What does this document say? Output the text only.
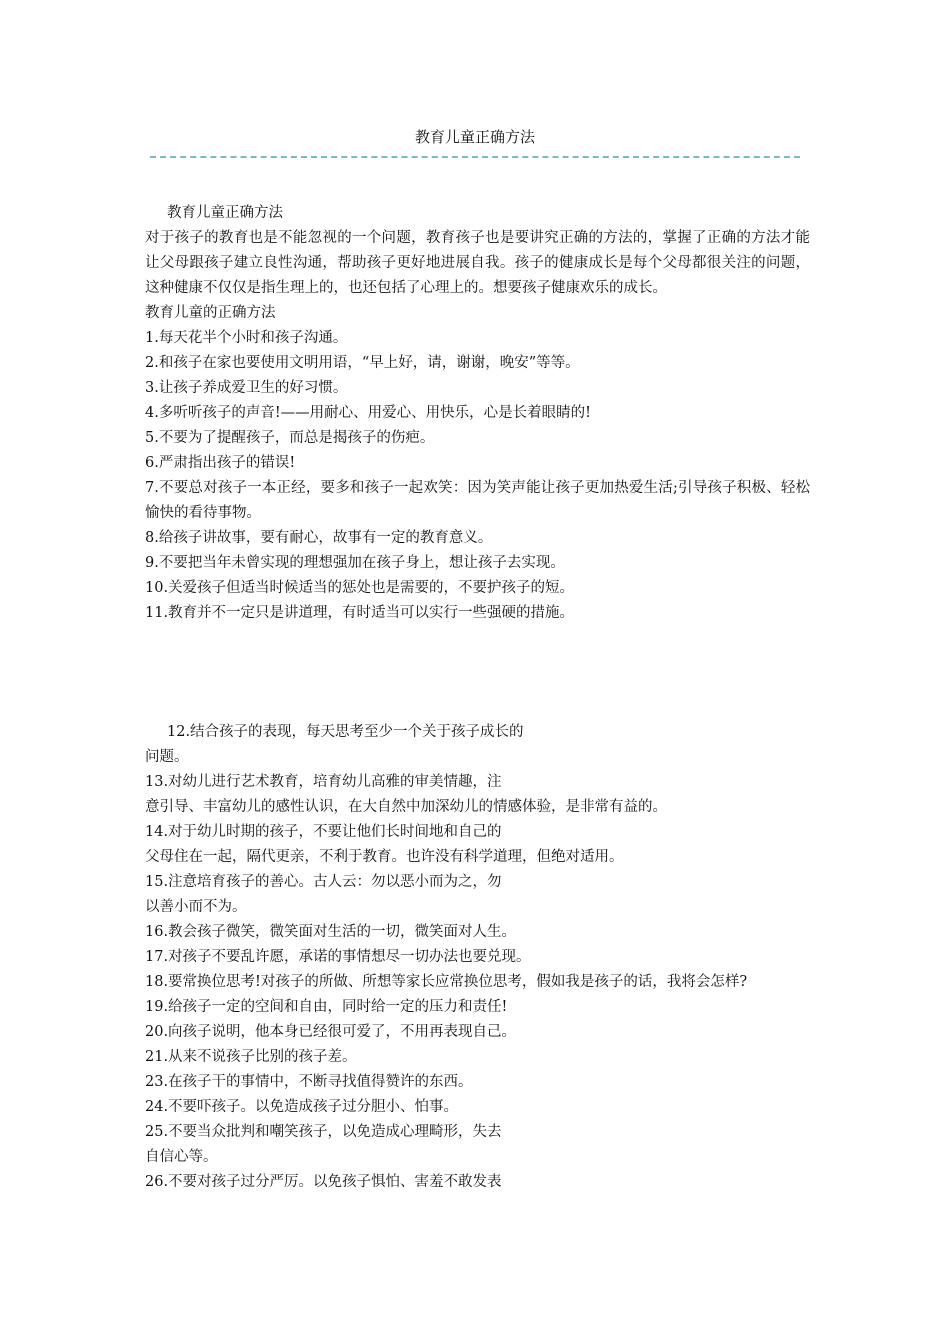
教育儿童正确方法

教育儿童正确方法

对于孩子的教育也是不能忽视的一个问题，教育孩子也是要讲究正确的方法的，掌握了正确的方法才能让父母跟孩子建立良性沟通，帮助孩子更好地进展自我。孩子的健康成长是每个父母都很关注的问题，这种健康不仅仅是指生理上的，也还包括了心理上的。想要孩子健康欢乐的成长。

教育儿童的正确方法

1.每天花半个小时和孩子沟通。

2.和孩子在家也要使用文明用语，“早上好，请，谢谢，晚安”等等。

3.让孩子养成爱卫生的好习惯。

4.多听听孩子的声音!——用耐心、用爱心、用快乐，心是长着眼睛的!

5.不要为了提醒孩子，而总是揭孩子的伤疤。

6.严肃指出孩子的错误!

7.不要总对孩子一本正经，要多和孩子一起欢笑：因为笑声能让孩子更加热爱生活;引导孩子积极、轻松愉快的看待事物。

8.给孩子讲故事，要有耐心，故事有一定的教育意义。

9.不要把当年未曾实现的理想强加在孩子身上，想让孩子去实现。

10.关爱孩子但适当时候适当的惩处也是需要的，不要护孩子的短。

11.教育并不一定只是讲道理，有时适当可以实行一些强硬的措施。

12.结合孩子的表现，每天思考至少一个关于孩子成长的

问题。

13.对幼儿进行艺术教育，培育幼儿高雅的审美情趣，注

意引导、丰富幼儿的感性认识，在大自然中加深幼儿的情感体验，是非常有益的。

14.对于幼儿时期的孩子，不要让他们长时间地和自己的

父母住在一起，隔代更亲，不利于教育。也许没有科学道理，但绝对适用。

15.注意培育孩子的善心。古人云：勿以恶小而为之，勿

以善小而不为。

16.教会孩子微笑，微笑面对生活的一切，微笑面对人生。

17.对孩子不要乱许愿，承诺的事情想尽一切办法也要兑现。

18.要常换位思考!对孩子的所做、所想等家长应常换位思考，假如我是孩子的话，我将会怎样?

19.给孩子一定的空间和自由，同时给一定的压力和责任!

20.向孩子说明，他本身已经很可爱了，不用再表现自己。

21.从来不说孩子比别的孩子差。

23.在孩子干的事情中，不断寻找值得赞许的东西。

24.不要吓孩子。以免造成孩子过分胆小、怕事。

25.不要当众批判和嘲笑孩子，以免造成心理畸形，失去

自信心等。

26.不要对孩子过分严厉。以免孩子惧怕、害羞不敢发表
